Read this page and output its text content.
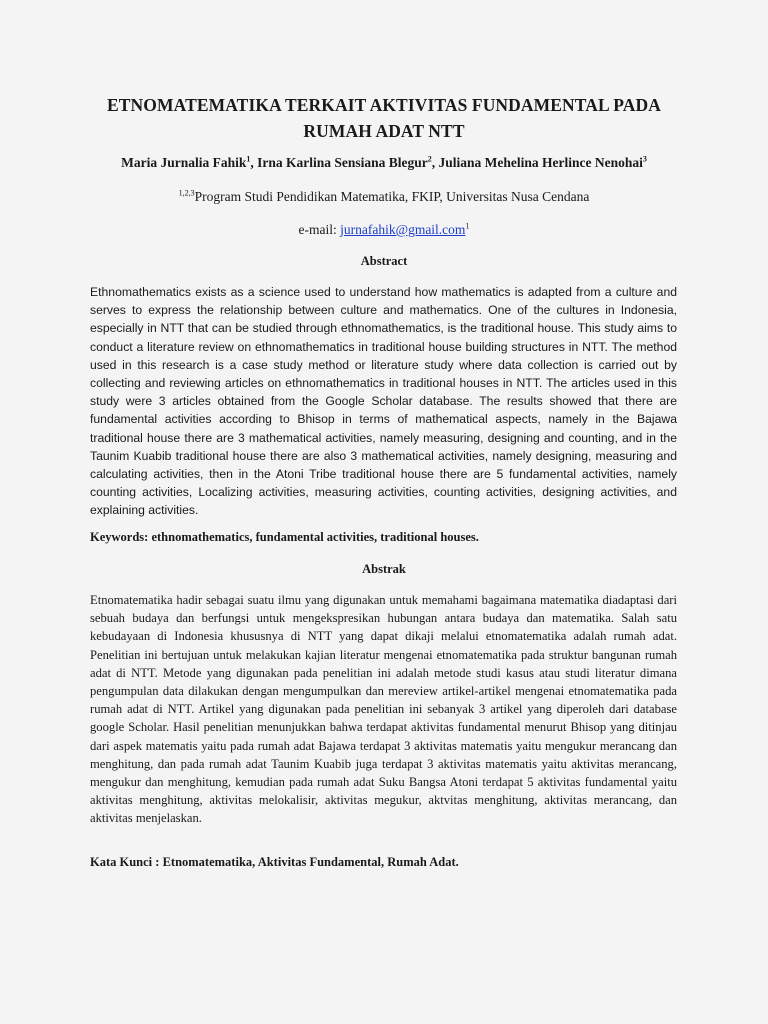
ETNOMATEMATIKA TERKAIT AKTIVITAS FUNDAMENTAL PADA
RUMAH ADAT NTT
Maria Jurnalia Fahik$^1$, Irna Karlina Sensiana Blegur$^2$, Juliana Mehelina Herlince Nenohai$^3$
$^{1,2,3}$Program Studi Pendidikan Matematika, FKIP, Universitas Nusa Cendana
e-mail: jurnafahik@gmail.com$^1$
Abstract

Ethnomathematics exists as a science used to understand how mathematics is adapted from a culture and serves to express the relationship between culture and mathematics. One of the cultures in Indonesia, especially in NTT that can be studied through ethnomathematics, is the traditional house. This study aims to conduct a literature review on ethnomathematics in traditional house building structures in NTT. The method used in this research is a case study method or literature study where data collection is carried out by collecting and reviewing articles on ethnomathematics in traditional houses in NTT. The articles used in this study were 3 articles obtained from the Google Scholar database. The results showed that there are fundamental activities according to Bhisop in terms of mathematical aspects, namely in the Bajawa traditional house there are 3 mathematical activities, namely measuring, designing and counting, and in the Taunim Kuabib traditional house there are also 3 mathematical activities, namely designing, measuring and calculating activities, then in the Atoni Tribe traditional house there are 5 fundamental activities, namely counting activities, Localizing activities, measuring activities, counting activities, designing activities, and explaining activities.

Keywords: ethnomathematics, fundamental activities, traditional houses.
Abstrak

Etnomatematika hadir sebagai suatu ilmu yang digunakan untuk memahami bagaimana matematika diadaptasi dari sebuah budaya dan berfungsi untuk mengekspresikan hubungan antara budaya dan matematika. Salah satu kebudayaan di Indonesia khususnya di NTT yang dapat dikaji melalui etnomatematika adalah rumah adat. Penelitian ini bertujuan untuk melakukan kajian literatur mengenai etnomatematika pada struktur bangunan rumah adat di NTT. Metode yang digunakan pada penelitian ini adalah metode studi kasus atau studi literatur dimana pengumpulan data dilakukan dengan mengumpulkan dan mereview artikel-artikel mengenai etnomatematika pada rumah adat di NTT. Artikel yang digunakan pada penelitian ini sebanyak 3 artikel yang diperoleh dari database google Scholar. Hasil penelitian menunjukkan bahwa terdapat aktivitas fundamental menurut Bhisop yang ditinjau dari aspek matematis yaitu pada rumah adat Bajawa terdapat 3 aktivitas matematis yaitu mengukur merancang dan menghitung, dan pada rumah adat Taunim Kuabib juga terdapat 3 aktivitas matematis yaitu aktivitas merancang, mengukur dan menghitung, kemudian pada rumah adat Suku Bangsa Atoni terdapat 5 aktivitas fundamental yaitu aktivitas menghitung, aktivitas melokalisir, aktivitas megukur, aktvitas menghitung, aktivitas merancang, dan aktivitas menjelaskan.

Kata Kunci : Etnomatematika, Aktivitas Fundamental, Rumah Adat.
